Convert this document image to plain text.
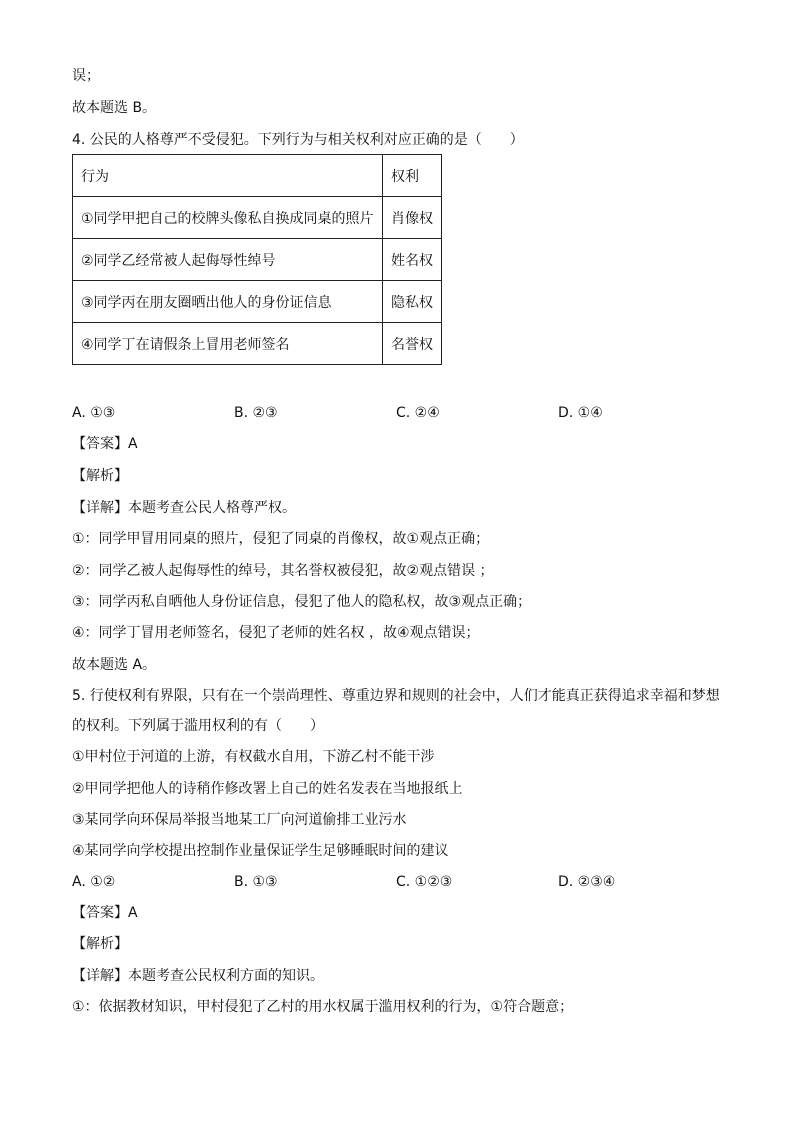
误；
故本题选 B。
4. 公民的人格尊严不受侵犯。下列行为与相关权利对应正确的是（　　）
行为	权利
①同学甲把自己的校牌头像私自换成同桌的照片	肖像权
②同学乙经常被人起侮辱性绰号	姓名权
③同学丙在朋友圈晒出他人的身份证信息	隐私权
④同学丁在请假条上冒用老师签名	名誉权
A. ①③	B. ②③	C. ②④	D. ①④
【答案】A
【解析】
【详解】本题考查公民人格尊严权。
①：同学甲冒用同桌的照片，侵犯了同桌的肖像权，故①观点正确；
②：同学乙被人起侮辱性的绰号，其名誉权被侵犯，故②观点错误 ；
③：同学丙私自晒他人身份证信息，侵犯了他人的隐私权，故③观点正确；
④：同学丁冒用老师签名，侵犯了老师的姓名权 ，故④观点错误；
故本题选 A。
5. 行使权利有界限，只有在一个崇尚理性、尊重边界和规则的社会中，人们才能真正获得追求幸福和梦想
的权利。下列属于滥用权利的有（　　）
①甲村位于河道的上游，有权截水自用，下游乙村不能干涉
②甲同学把他人的诗稍作修改署上自己的姓名发表在当地报纸上
③某同学向环保局举报当地某工厂向河道偷排工业污水
④某同学向学校提出控制作业量保证学生足够睡眠时间的建议
A. ①②	B. ①③	C. ①②③	D. ②③④
【答案】A
【解析】
【详解】本题考查公民权利方面的知识。
①：依据教材知识，甲村侵犯了乙村的用水权属于滥用权利的行为，①符合题意；
